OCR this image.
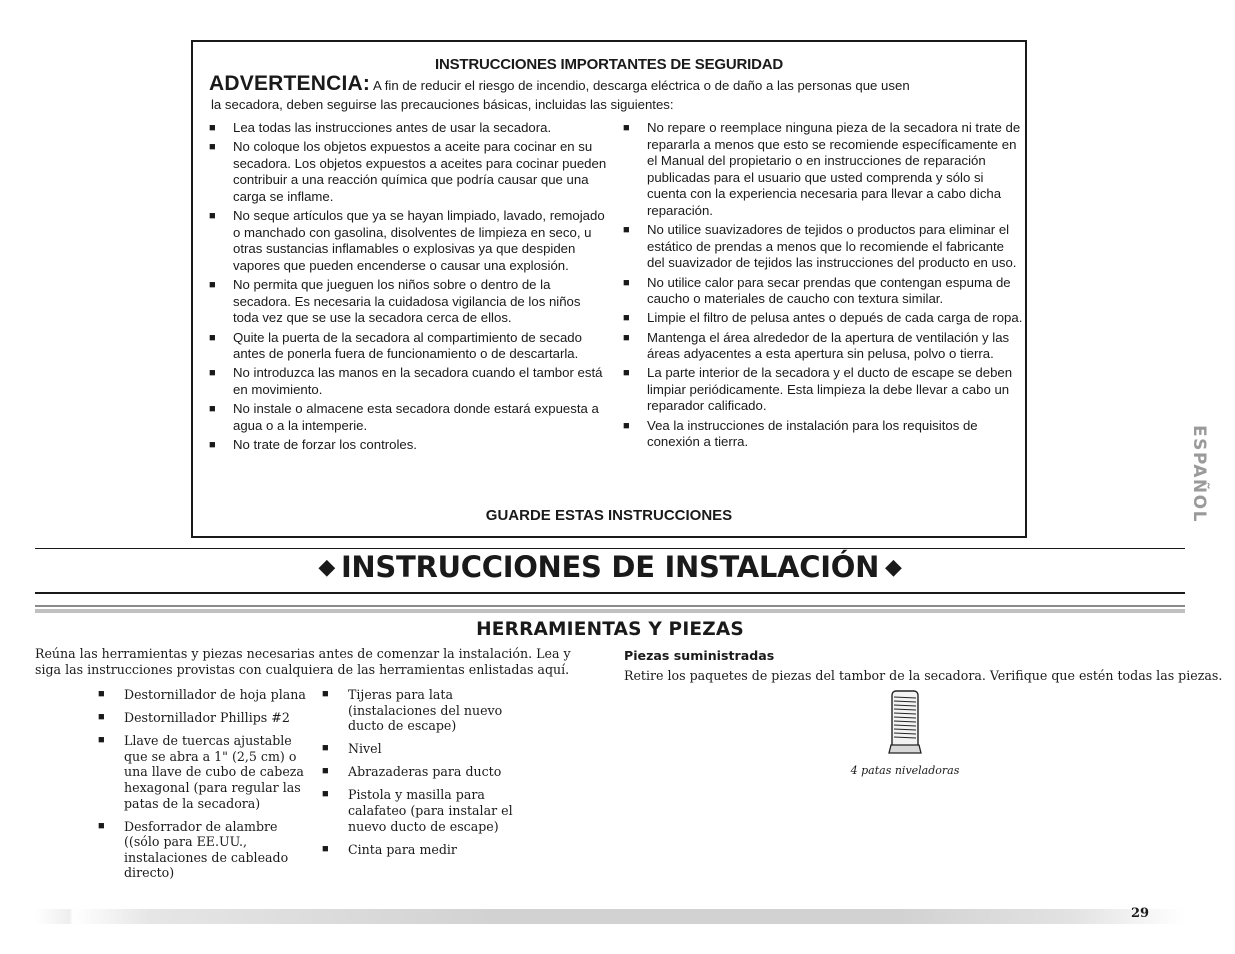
INSTRUCCIONES IMPORTANTES DE SEGURIDAD
ADVERTENCIA: A fin de reducir el riesgo de incendio, descarga eléctrica o de daño a las personas que usen
la secadora, deben seguirse las precauciones básicas, incluidas las siguientes:
■ Lea todas las instrucciones antes de usar la secadora.
■ No coloque los objetos expuestos a aceite para cocinar en su secadora. Los objetos expuestos a aceites para cocinar pueden contribuir a una reacción química que podría causar que una carga se inflame.
■ No seque artículos que ya se hayan limpiado, lavado, remojado o manchado con gasolina, disolventes de limpieza en seco, u otras sustancias inflamables o explosivas ya que despiden vapores que pueden encenderse o causar una explosión.
■ No permita que jueguen los niños sobre o dentro de la secadora. Es necesaria la cuidadosa vigilancia de los niños toda vez que se use la secadora cerca de ellos.
■ Quite la puerta de la secadora al compartimiento de secado antes de ponerla fuera de funcionamiento o de descartarla.
■ No introduzca las manos en la secadora cuando el tambor está en movimiento.
■ No instale o almacene esta secadora donde estará expuesta a agua o a la intemperie.
■ No trate de forzar los controles.
■ No repare o reemplace ninguna pieza de la secadora ni trate de repararla a menos que esto se recomiende específicamente en el Manual del propietario o en instrucciones de reparación publicadas para el usuario que usted comprenda y sólo si cuenta con la experiencia necesaria para llevar a cabo dicha reparación.
■ No utilice suavizadores de tejidos o productos para eliminar el estático de prendas a menos que lo recomiende el fabricante del suavizador de tejidos las instrucciones del producto en uso.
■ No utilice calor para secar prendas que contengan espuma de caucho o materiales de caucho con textura similar.
■ Limpie el filtro de pelusa antes o depués de cada carga de ropa.
■ Mantenga el área alrededor de la apertura de ventilación y las áreas adyacentes a esta apertura sin pelusa, polvo o tierra.
■ La parte interior de la secadora y el ducto de escape se deben limpiar periódicamente. Esta limpieza la debe llevar a cabo un reparador calificado.
■ Vea la instrucciones de instalación para los requisitos de conexión a tierra.
GUARDE ESTAS INSTRUCCIONES	ESPAÑOL
◆ INSTRUCCIONES DE INSTALACIÓN ◆
HERRAMIENTAS Y PIEZAS
Reúna las herramientas y piezas necesarias antes de comenzar la instalación. Lea y siga las instrucciones provistas con cualquiera de las herramientas enlistadas aquí.
■ Destornillador de hoja plana
■ Destornillador Phillips #2
■ Llave de tuercas ajustable que se abra a 1" (2,5 cm) o una llave de cubo de cabeza hexagonal (para regular las patas de la secadora)
■ Desforrador de alambre ((sólo para EE.UU., instalaciones de cableado directo)
■ Tijeras para lata (instalaciones del nuevo ducto de escape)
■ Nivel
■ Abrazaderas para ducto
■ Pistola y masilla para calafateo (para instalar el nuevo ducto de escape)
■ Cinta para medir
Piezas suministradas
Retire los paquetes de piezas del tambor de la secadora. Verifique que estén todas las piezas.
4 patas niveladoras
29
